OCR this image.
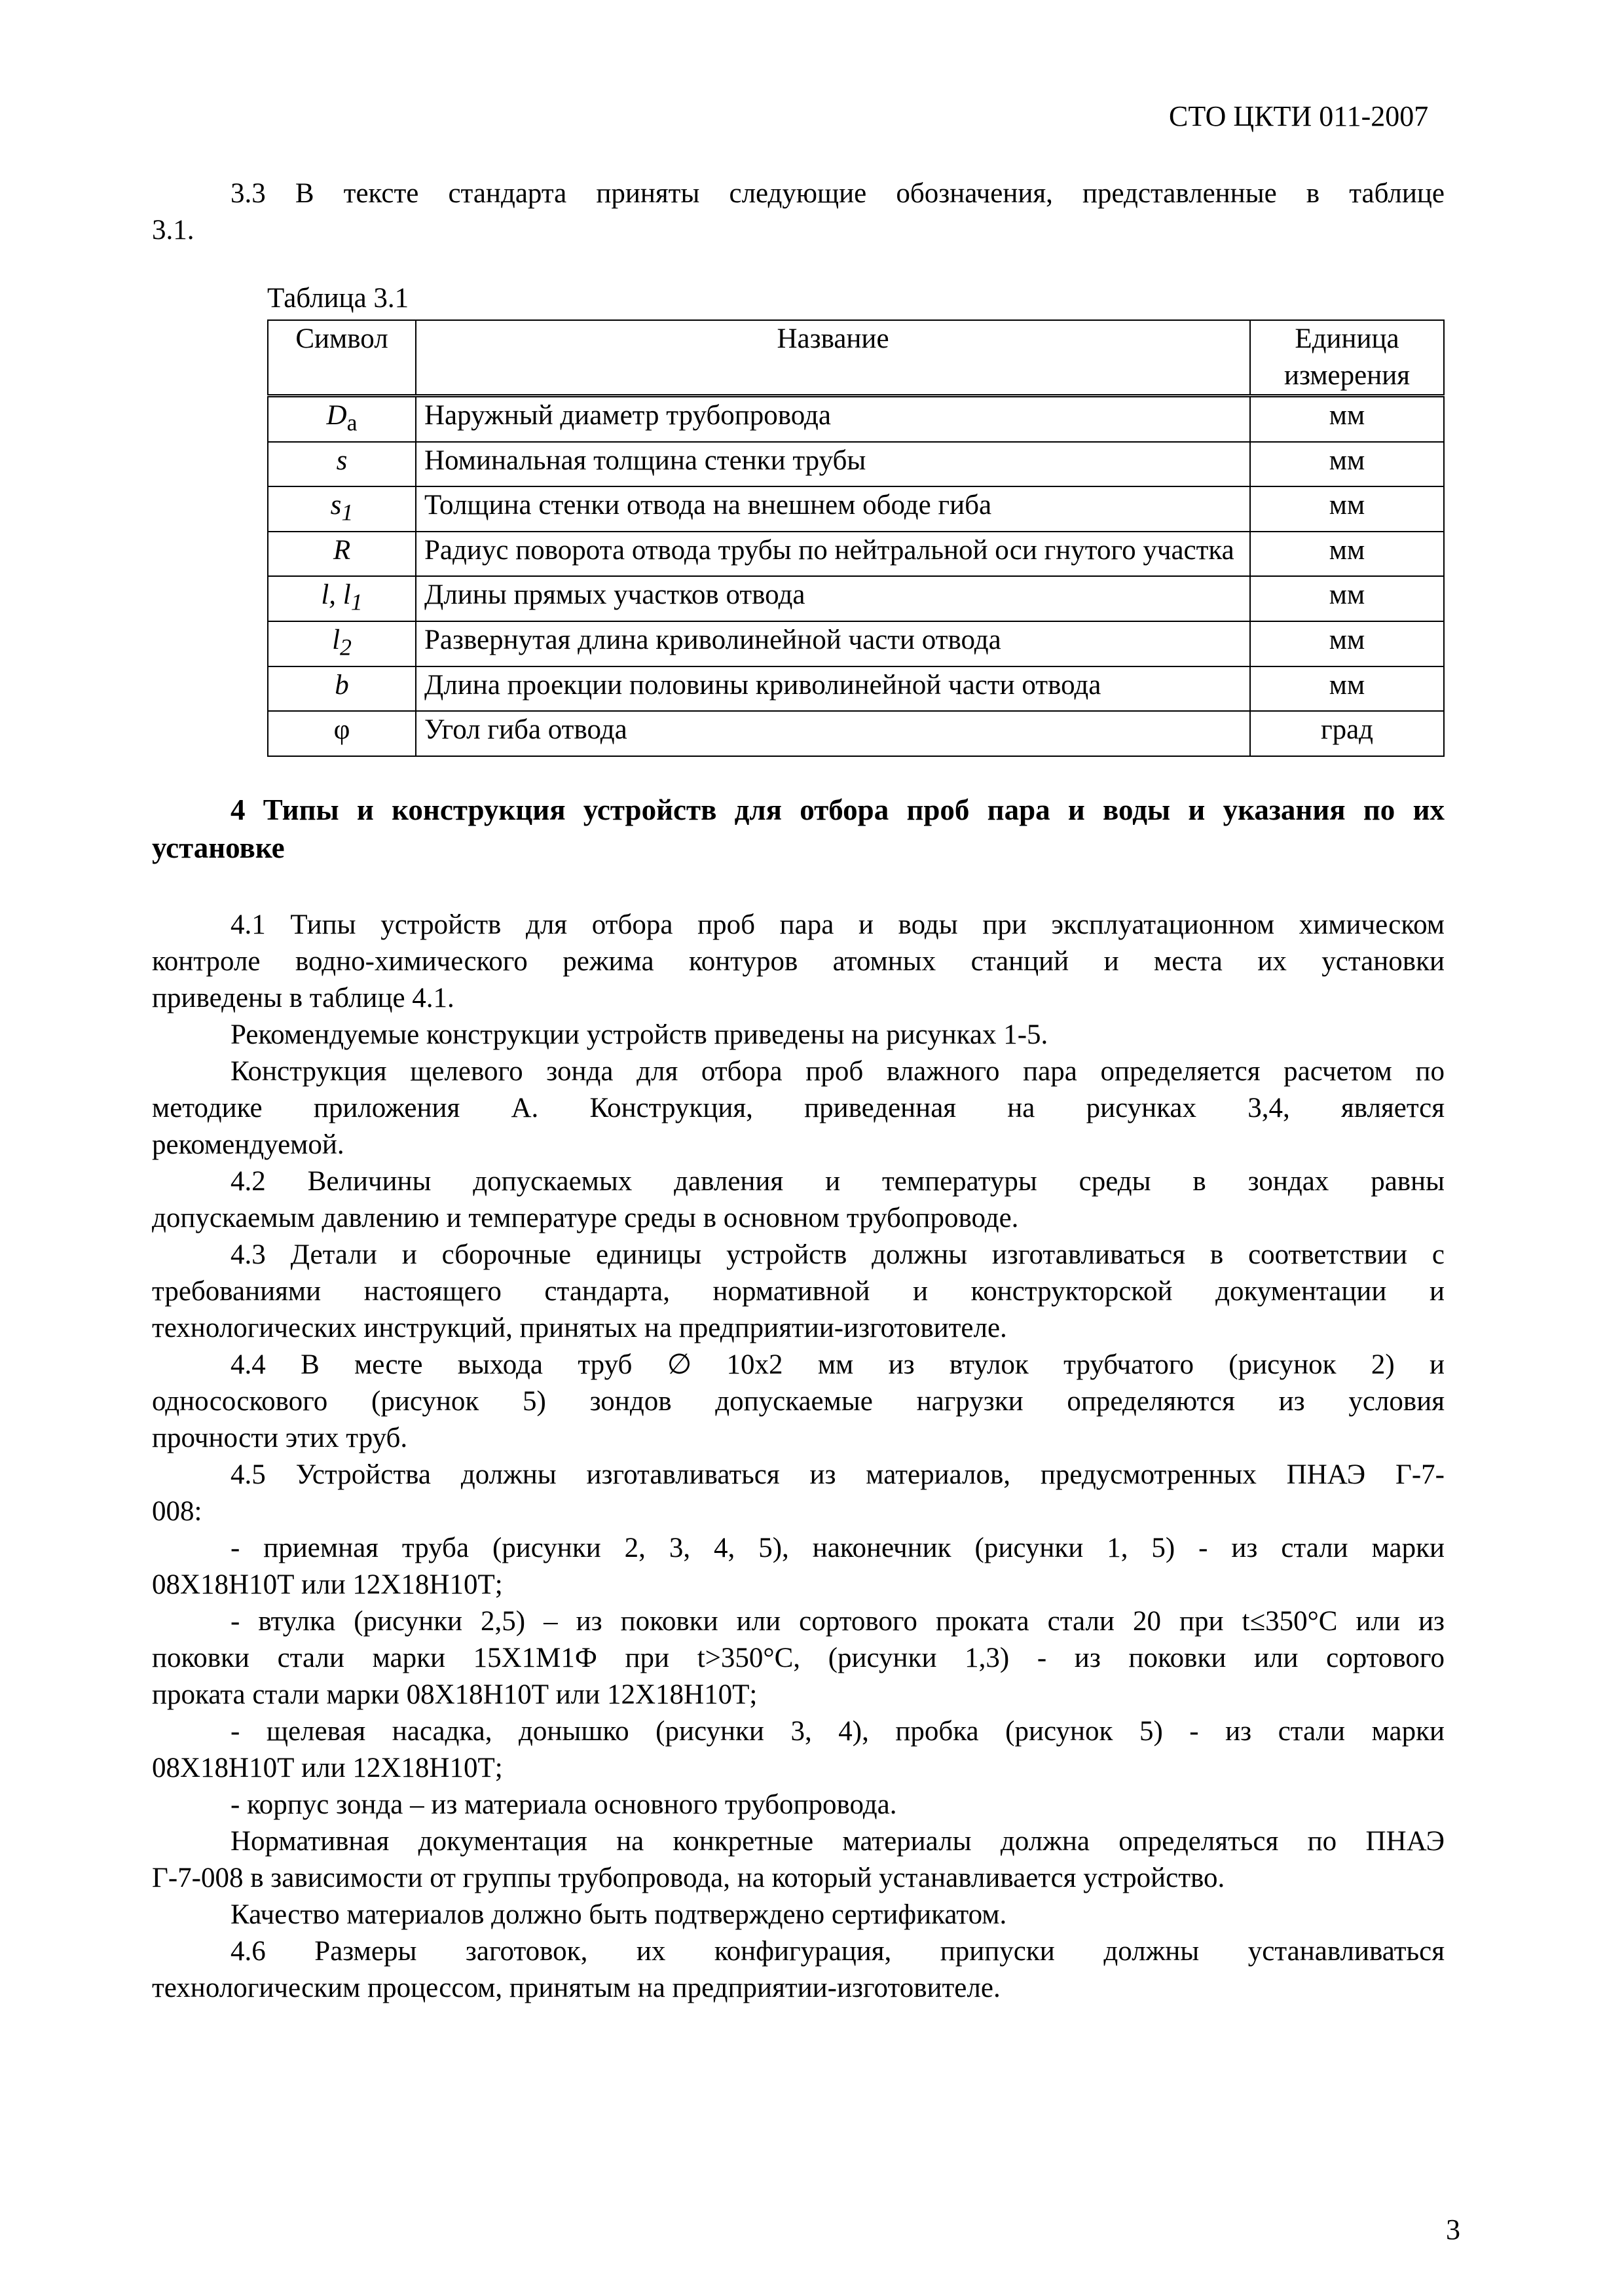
СТО ЦКТИ 011-2007
3.3 В тексте стандарта приняты следующие обозначения, представленные в таблице
3.1.
Таблица 3.1
Символ	Название	Единица
измерения
$D_a$	Наружный диаметр трубопровода	мм
s	Номинальная толщина стенки трубы	мм
$s_1$	Толщина стенки отвода на внешнем ободе гиба	мм
R	Радиус поворота отвода трубы по нейтральной оси гнутого участка	мм
l, $l_1$	Длины прямых участков отвода	мм
$l_2$	Развернутая длина криволинейной части отвода	мм
b	Длина проекции половины криволинейной части отвода	мм
φ	Угол гиба отвода	град
4 Типы и конструкция устройств для отбора проб пара и воды и указания по их
установке
4.1 Типы устройств для отбора проб пара и воды при эксплуатационном химическом
контроле водно-химического режима контуров атомных станций и места их установки
приведены в таблице 4.1.
Рекомендуемые конструкции устройств приведены на рисунках 1-5.
Конструкция щелевого зонда для отбора проб влажного пара определяется расчетом по
методике приложения А. Конструкция, приведенная на рисунках 3,4, является
рекомендуемой.
4.2 Величины допускаемых давления и температуры среды в зондах равны
допускаемым давлению и температуре среды в основном трубопроводе.
4.3 Детали и сборочные единицы устройств должны изготавливаться в соответствии с
требованиями настоящего стандарта, нормативной и конструкторской документации и
технологических инструкций, принятых на предприятии-изготовителе.
4.4 В месте выхода труб ∅ 10x2 мм из втулок трубчатого (рисунок 2) и
однососкового (рисунок 5) зондов допускаемые нагрузки определяются из условия
прочности этих труб.
4.5 Устройства должны изготавливаться из материалов, предусмотренных ПНАЭ Г-7-
008:
- приемная труба (рисунки 2, 3, 4, 5), наконечник (рисунки 1, 5) - из стали марки
08Х18Н10Т или 12Х18Н10Т;
- втулка (рисунки 2,5) – из поковки или сортового проката стали 20 при t≤350°С или из
поковки стали марки 15Х1М1Ф при t>350°С, (рисунки 1,3) - из поковки или сортового
проката стали марки 08Х18Н10Т или 12Х18Н10Т;
- щелевая насадка, донышко (рисунки 3, 4), пробка (рисунок 5) - из стали марки
08Х18Н10Т или 12Х18Н10Т;
- корпус зонда – из материала основного трубопровода.
Нормативная документация на конкретные материалы должна определяться по ПНАЭ
Г-7-008 в зависимости от группы трубопровода, на который устанавливается устройство.
Качество материалов должно быть подтверждено сертификатом.
4.6 Размеры заготовок, их конфигурация, припуски должны устанавливаться
технологическим процессом, принятым на предприятии-изготовителе.
3
